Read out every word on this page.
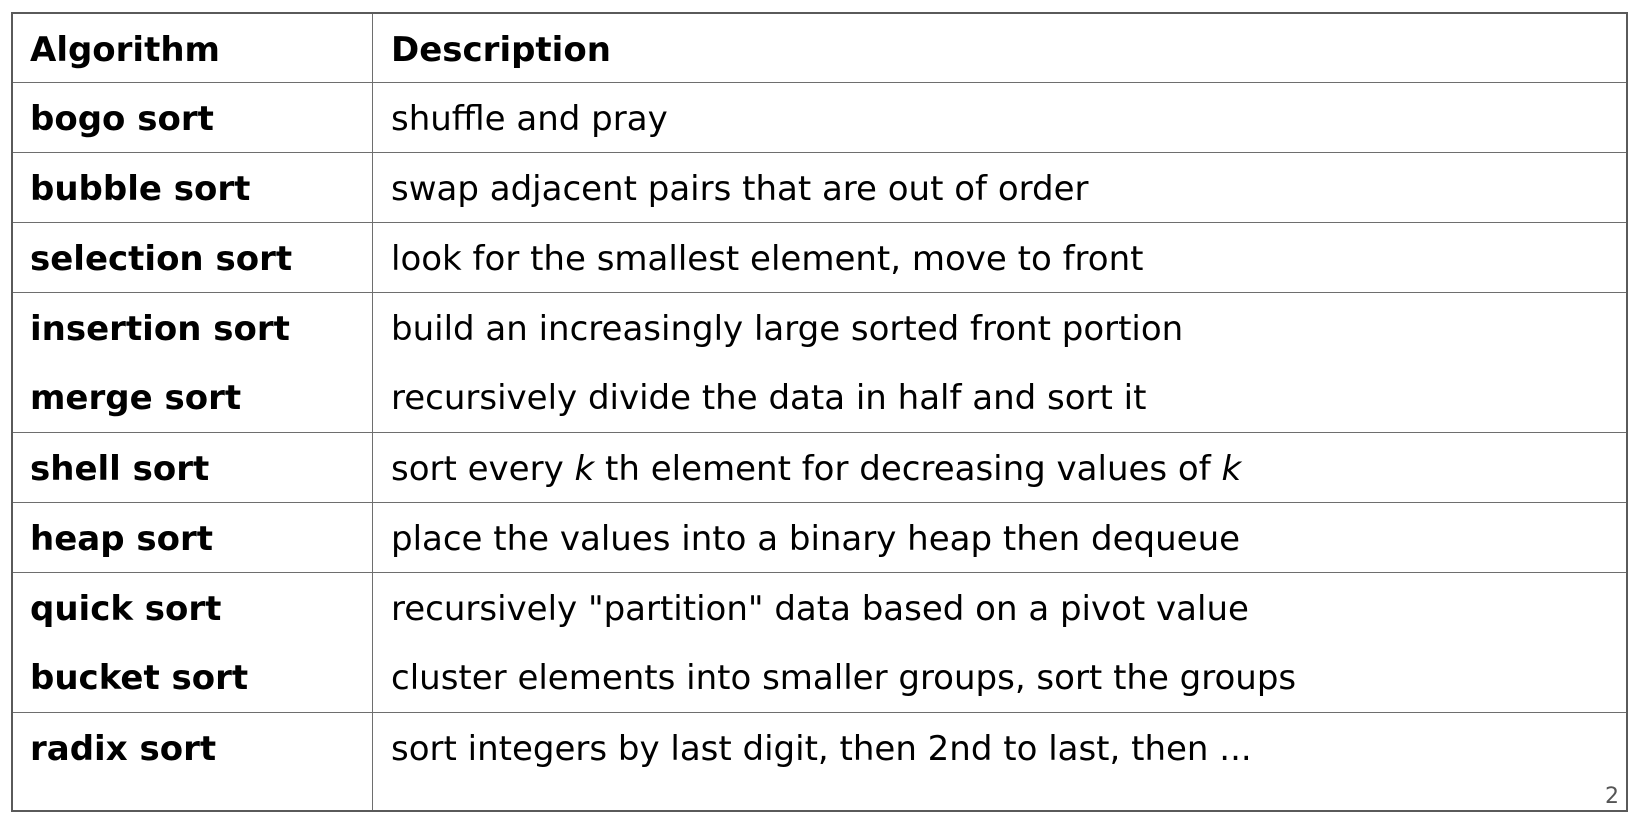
Algorithm	Description
bogo sort	shuffle and pray
bubble sort	swap adjacent pairs that are out of order
selection sort	look for the smallest element, move to front
insertion sort	build an increasingly large sorted front portion
merge sort	recursively divide the data in half and sort it
shell sort	sort every k th element for decreasing values of k
heap sort	place the values into a binary heap then dequeue
quick sort	recursively "partition" data based on a pivot value
bucket sort	cluster elements into smaller groups, sort the groups
radix sort	sort integers by last digit, then 2nd to last, then ...
2
